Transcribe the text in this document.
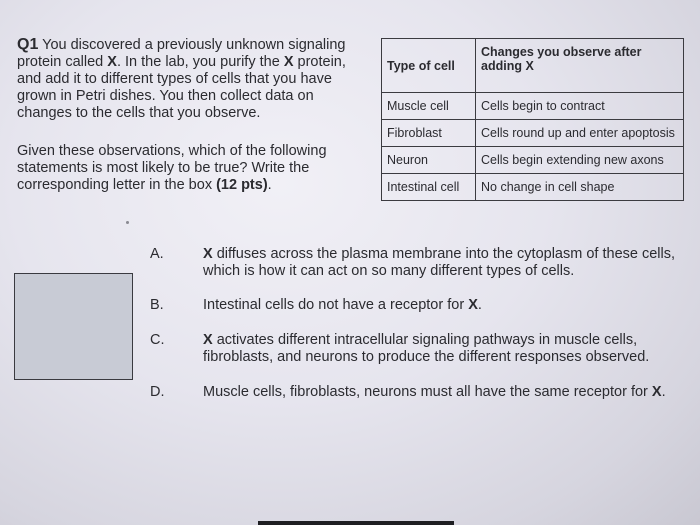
Q1 You discovered a previously unknown signaling protein called X. In the lab, you purify the X protein, and add it to different types of cells that you have grown in Petri dishes. You then collect data on changes to the cells that you observe.
Given these observations, which of the following statements is most likely to be true? Write the corresponding letter in the box (12 pts).
Type of cell	Changes you observe after adding X
Muscle cell	Cells begin to contract
Fibroblast	Cells round up and enter apoptosis
Neuron	Cells begin extending new axons
Intestinal cell	No change in cell shape
A.	X diffuses across the plasma membrane into the cytoplasm of these cells, which is how it can act on so many different types of cells.
B.	Intestinal cells do not have a receptor for X.
C.	X activates different intracellular signaling pathways in muscle cells, fibroblasts, and neurons to produce the different responses observed.
D.	Muscle cells, fibroblasts, neurons must all have the same receptor for X.
